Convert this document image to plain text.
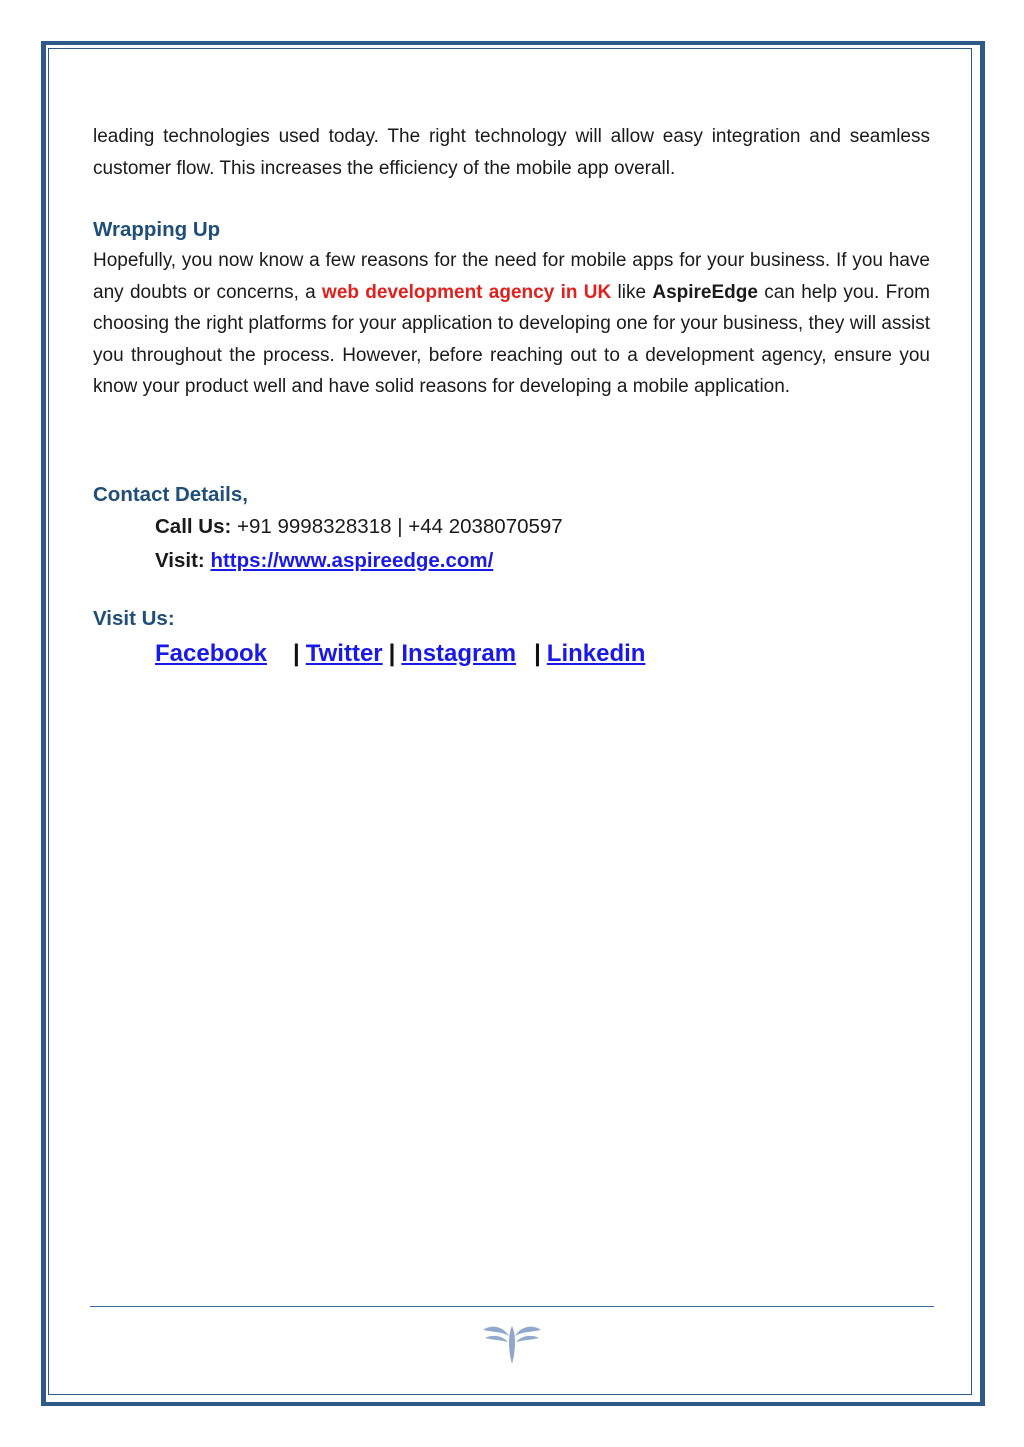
leading technologies used today. The right technology will allow easy integration and seamless customer flow. This increases the efficiency of the mobile app overall.

Wrapping Up

Hopefully, you now know a few reasons for the need for mobile apps for your business. If you have any doubts or concerns, a web development agency in UK like AspireEdge can help you. From choosing the right platforms for your application to developing one for your business, they will assist you throughout the process. However, before reaching out to a development agency, ensure you know your product well and have solid reasons for developing a mobile application.

Contact Details,
Call Us: +91 9998328318 | +44 2038070597
Visit: https://www.aspireedge.com/
Visit Us:
Facebook | Twitter | Instagram | Linkedin
